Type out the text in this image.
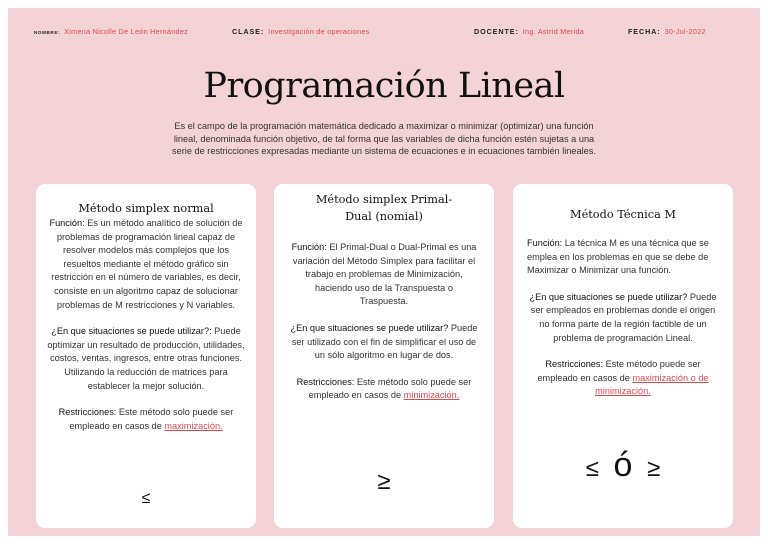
NOMBRE: Ximena Nicolle De León Hernández	CLASE: Investigación de operaciones	DOCENTE: Ing. Astrid Merida	FECHA: 30-Jul-2022
Programación Lineal
Es el campo de la programación matemática dedicado a maximizar o minimizar (optimizar) una función lineal, denominada función objetivo, de tal forma que las variables de dicha función estén sujetas a una serie de restricciones expresadas mediante un sistema de ecuaciones e in ecuaciones también lineales.
Método simplex normal

Función: Es un método analítico de solución de problemas de programación lineal capaz de resolver modelos más complejos que los resueltos mediante el método gráfico sin restricción en el número de variables, es decir, consiste en un algoritmo capaz de solucionar problemas de M restricciones y N variables.

¿En que situaciones se puede utilizar?: Puede optimizar un resultado de producción, utilidades, costos, ventas, ingresos, entre otras funciones. Utilizando la reducción de matrices para establecer la mejor solución.

Restricciones: Este método solo puede ser empleado en casos de maximización.

≤
Método simplex Primal-Dual (nomial)

Función: El Primal-Dual o Dual-Primal es una variación del Método Simplex para facilitar el trabajo en problemas de Minimización, haciendo uso de la Transpuesta o Traspuesta.

¿En que situaciones se puede utilizar? Puede ser utilizado con el fin de simplificar el uso de un sólo algoritmo en lugar de dos.

Restricciones: Este método solo puede ser empleado en casos de minimización.

≥
Método Técnica M

Función: La técnica M es una técnica que se emplea en los problemas en que se debe de Maximizar o Minimizar una función.

¿En que situaciones se puede utilizar? Puede ser empleados en problemas donde el origen no forma parte de la región factible de un problema de programación Lineal.

Restricciones: Este método puede ser empleado en casos de maximización o de minimización.

≤ ó ≥
